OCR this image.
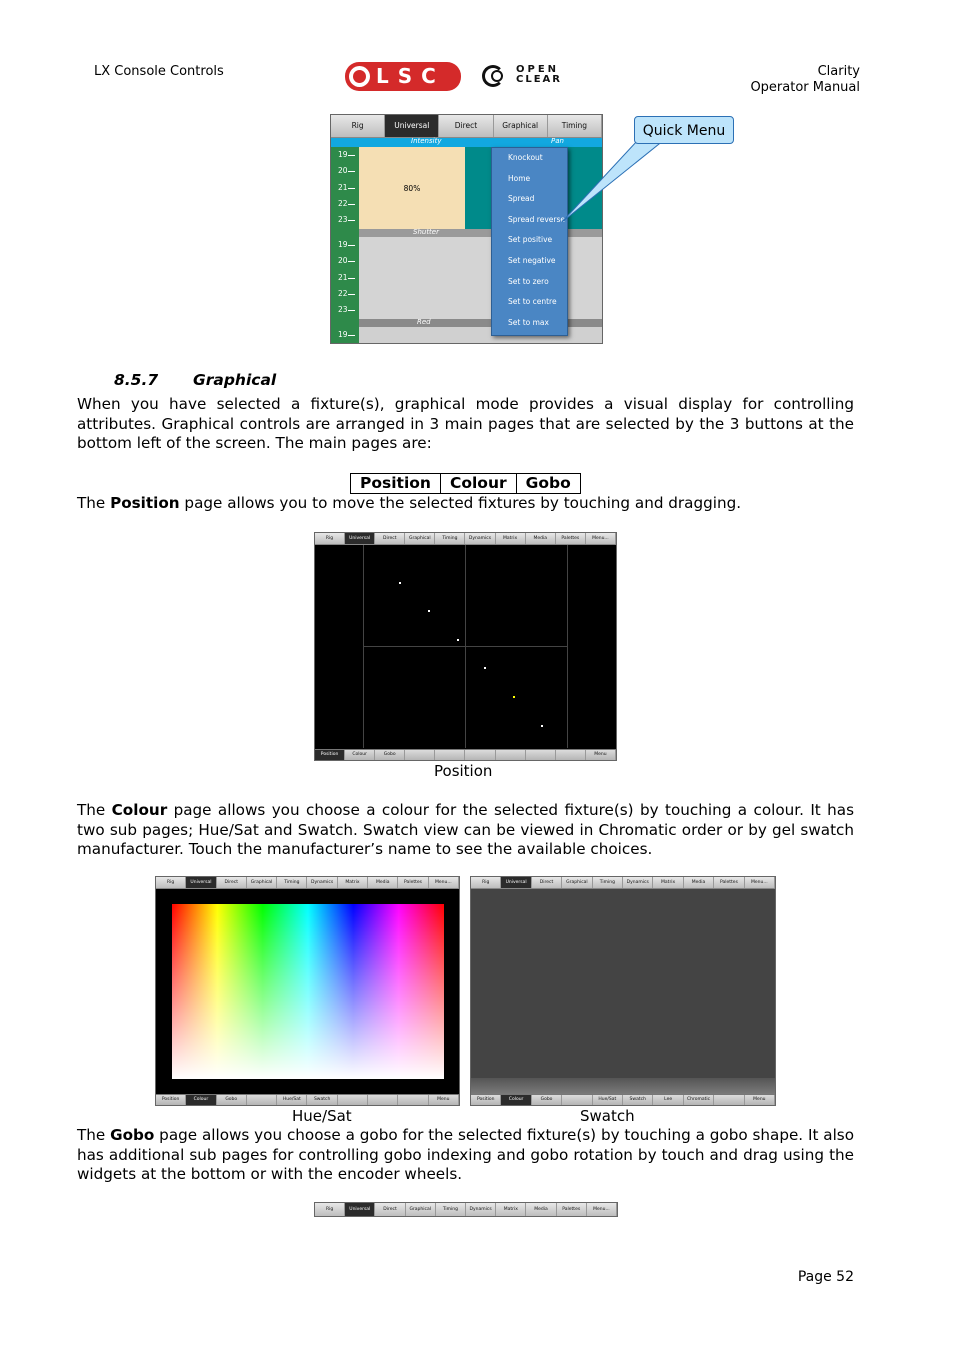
LX Console Controls	LSC	OPEN
CLEAR
Clarity
Operator Manual
Rig	Universal	Direct	Graphical	Timing
Intensity	Pan
19
20
21
22
23
80%
Shutter
19
20
21
22
23
Red
19
Knockout
Home
Spread
Spread reverse
Set positive
Set negative
Set to zero
Set to centre
Set to max
Quick Menu
8.5.7 Graphical
When you have selected a fixture(s), graphical mode provides a visual display for controlling attributes. Graphical controls are arranged in 3 main pages that are selected by the 3 buttons at the bottom left of the screen. The main pages are:
Position	Colour	Gobo
The Position page allows you to move the selected fixtures by touching and dragging.
Rig	Universal	Direct	Graphical	Timing	Dynamics	Matrix	Media	Palettes	Menu...
Position	Colour	Gobo	Menu
Position
The Colour page allows you choose a colour for the selected fixture(s) by touching a colour. It has two sub pages; Hue/Sat and Swatch. Swatch view can be viewed in Chromatic order or by gel swatch manufacturer. Touch the manufacturer’s name to see the available choices.
Rig	Universal	Direct	Graphical	Timing	Dynamics	Matrix	Media	Palettes	Menu...
Position	Colour	Gobo	Hue/Sat	Swatch	Menu
Hue/Sat
Rig	Universal	Direct	Graphical	Timing	Dynamics	Matrix	Media	Palettes	Menu...
Position	Colour	Gobo	Hue/Sat	Swatch	Lee	Chromatic	Menu
Swatch
The Gobo page allows you choose a gobo for the selected fixture(s) by touching a gobo shape. It also has additional sub pages for controlling gobo indexing and gobo rotation by touch and drag using the widgets at the bottom or with the encoder wheels.
Rig	Universal	Direct	Graphical	Timing	Dynamics	Matrix	Media	Palettes	Menu...
Page 52
